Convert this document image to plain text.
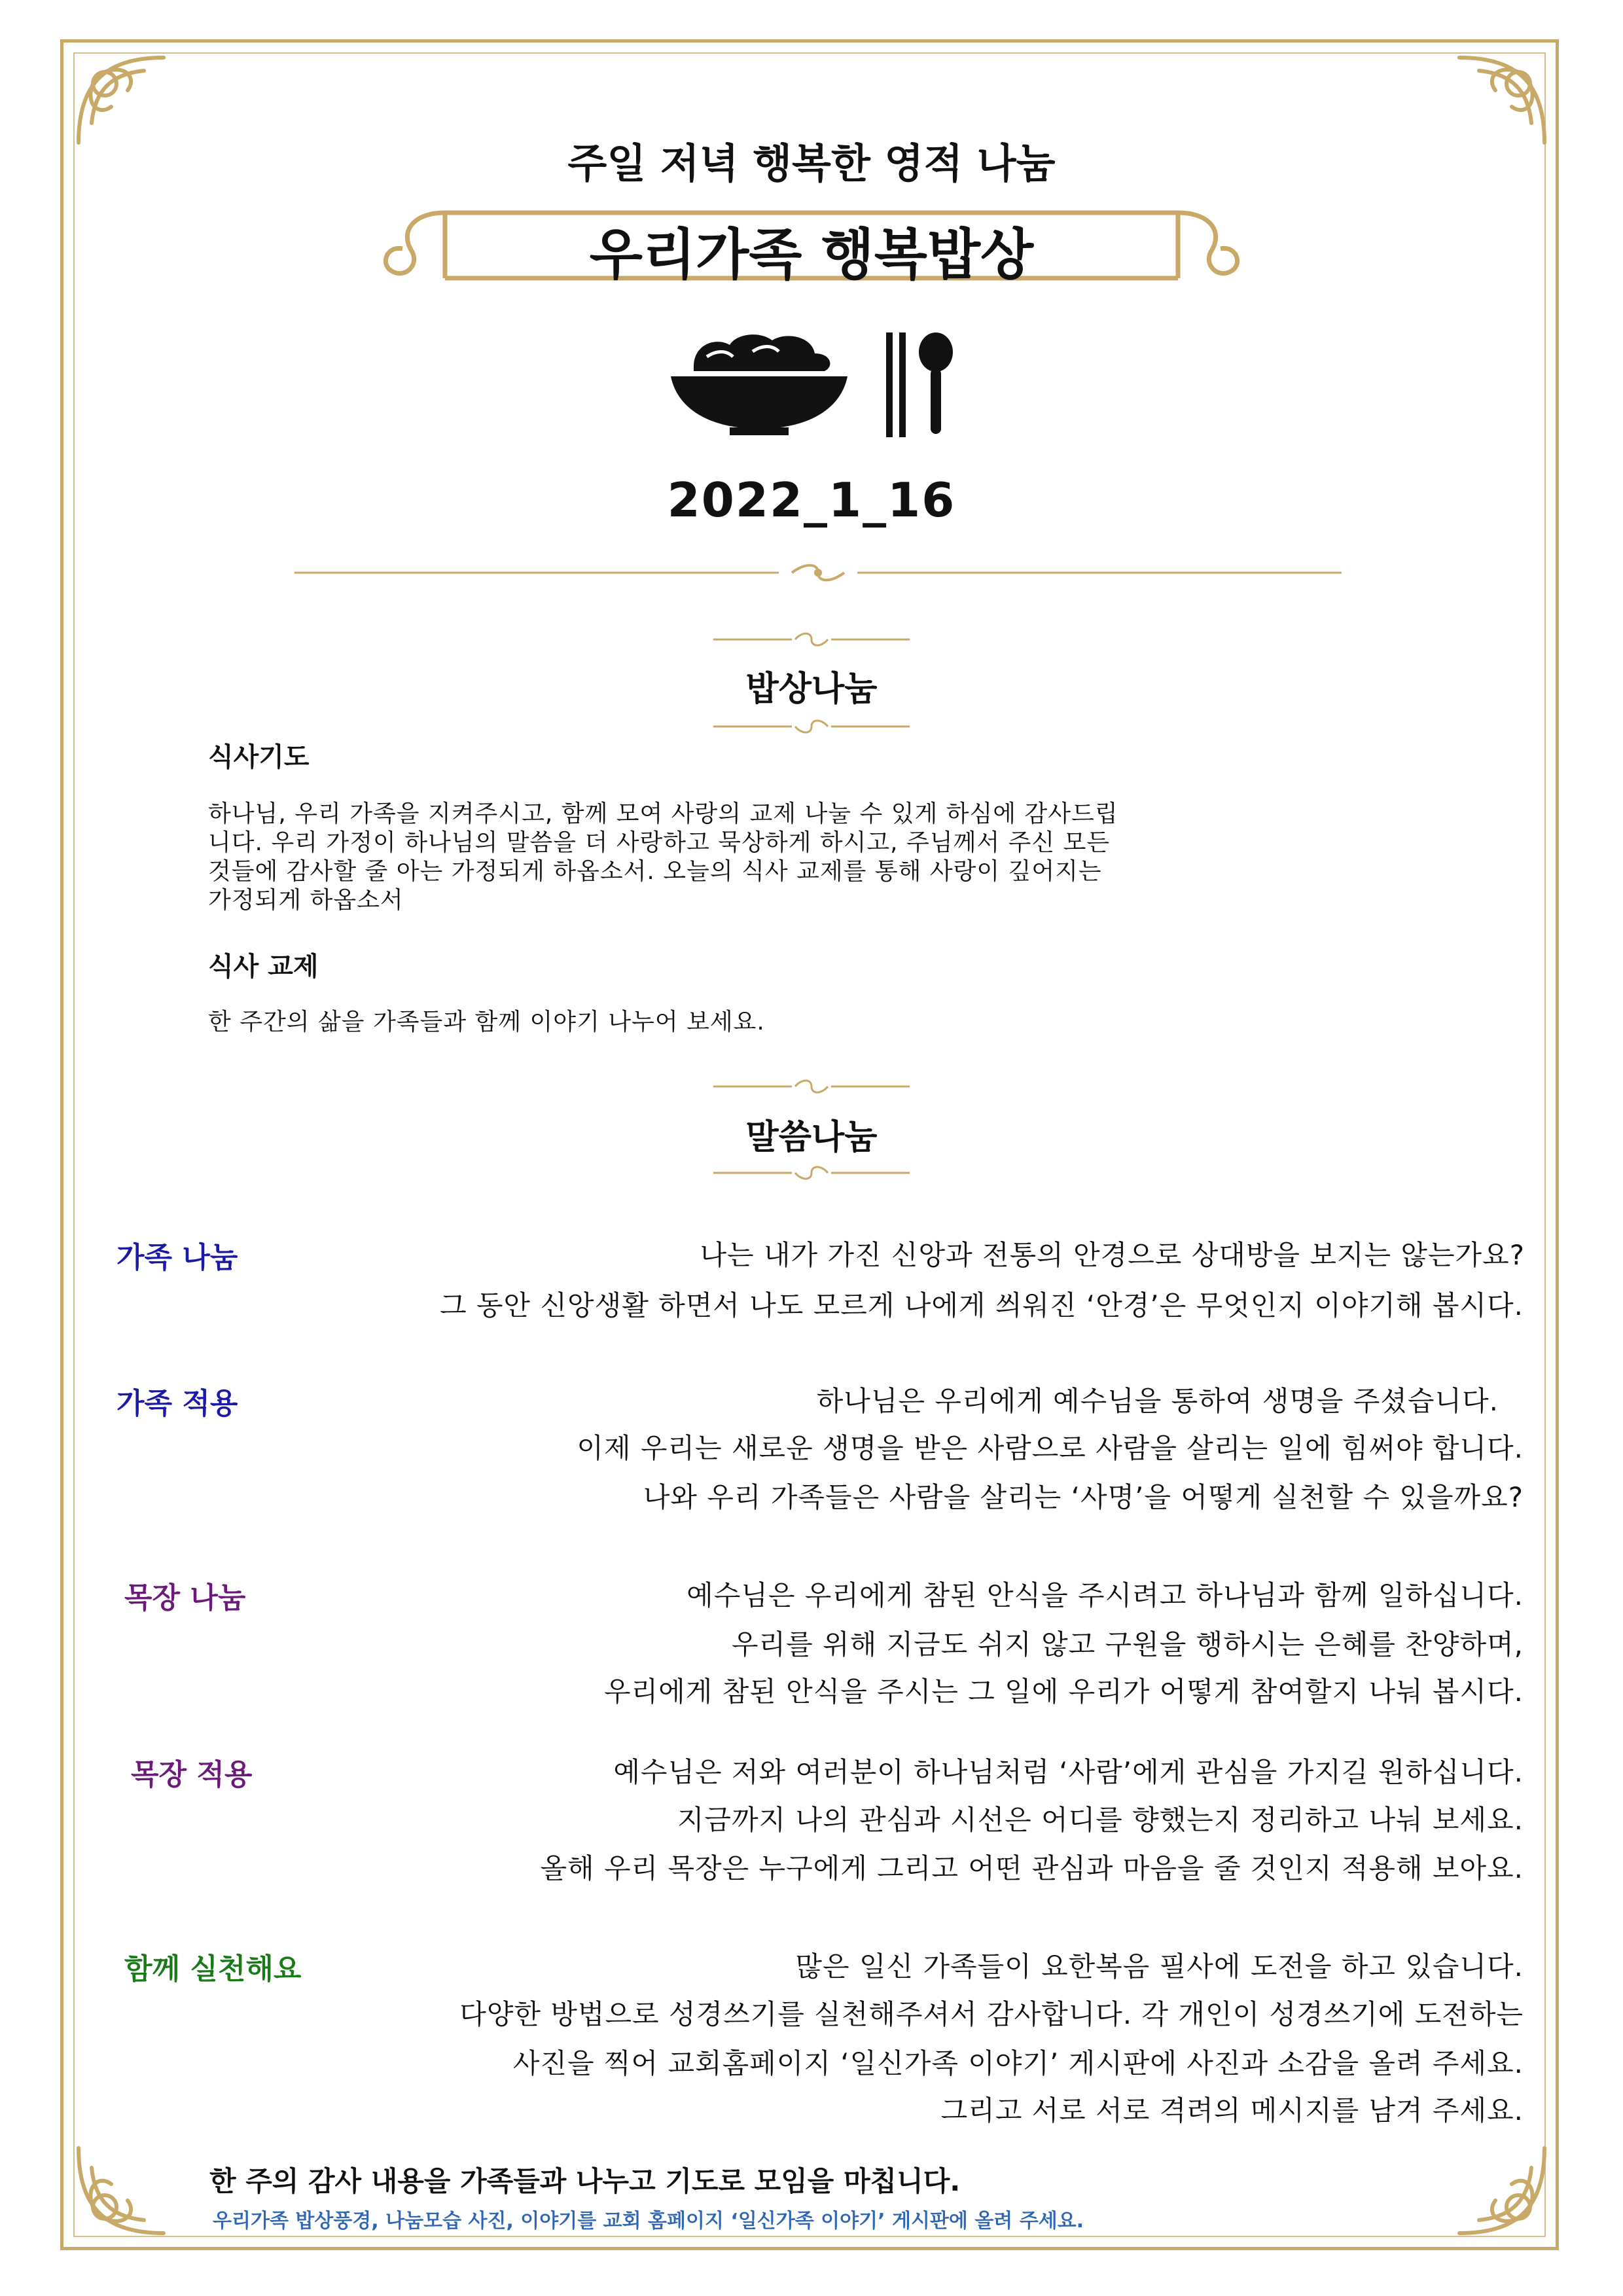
주일 저녁 행복한 영적 나눔
우리가족 행복밥상
2022_1_16
밥상나눔
식사기도
하나님, 우리 가족을 지켜주시고, 함께 모여 사랑의 교제 나눌 수 있게 하심에 감사드립
니다. 우리 가정이 하나님의 말씀을 더 사랑하고 묵상하게 하시고, 주님께서 주신 모든
것들에 감사할 줄 아는 가정되게 하옵소서. 오늘의 식사 교제를 통해 사랑이 깊어지는
가정되게 하옵소서
식사 교제
한 주간의 삶을 가족들과 함께 이야기 나누어 보세요.
말씀나눔
가족 나눔	나는 내가 가진 신앙과 전통의 안경으로 상대방을 보지는 않는가요?
그 동안 신앙생활 하면서 나도 모르게 나에게 씌워진 ‘안경’은 무엇인지 이야기해 봅시다.
가족 적용	하나님은 우리에게 예수님을 통하여 생명을 주셨습니다.
이제 우리는 새로운 생명을 받은 사람으로 사람을 살리는 일에 힘써야 합니다.
나와 우리 가족들은 사람을 살리는 ‘사명’을 어떻게 실천할 수 있을까요?
목장 나눔	예수님은 우리에게 참된 안식을 주시려고 하나님과 함께 일하십니다.
우리를 위해 지금도 쉬지 않고 구원을 행하시는 은혜를 찬양하며,
우리에게 참된 안식을 주시는 그 일에 우리가 어떻게 참여할지 나눠 봅시다.
목장 적용	예수님은 저와 여러분이 하나님처럼 ‘사람’에게 관심을 가지길 원하십니다.
지금까지 나의 관심과 시선은 어디를 향했는지 정리하고 나눠 보세요.
올해 우리 목장은 누구에게 그리고 어떤 관심과 마음을 줄 것인지 적용해 보아요.
함께 실천해요	많은 일신 가족들이 요한복음 필사에 도전을 하고 있습니다.
다양한 방법으로 성경쓰기를 실천해주셔서 감사합니다. 각 개인이 성경쓰기에 도전하는
사진을 찍어 교회홈페이지 ‘일신가족 이야기’ 게시판에 사진과 소감을 올려 주세요.
그리고 서로 서로 격려의 메시지를 남겨 주세요.
한 주의 감사 내용을 가족들과 나누고 기도로 모임을 마칩니다.
우리가족 밥상풍경, 나눔모습 사진, 이야기를 교회 홈페이지 ‘일신가족 이야기’ 게시판에 올려 주세요.
